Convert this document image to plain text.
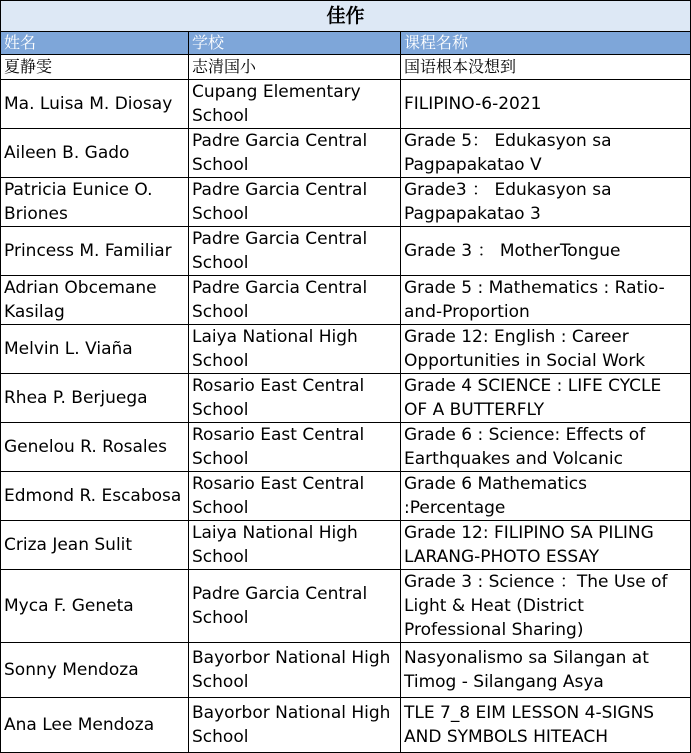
佳作		
姓名	学校	课程名称
夏静雯	志清国小	国语根本没想到
Ma. Luisa M. Diosay	Cupang Elementary School	FILIPINO-6-2021
Aileen B. Gado	Padre Garcia Central School	Grade 5： Edukasyon sa Pagpapakatao V
Patricia Eunice O. Briones	Padre Garcia Central School	Grade3 ： Edukasyon sa Pagpapakatao 3
Princess M. Familiar	Padre Garcia Central School	Grade 3 ： MotherTongue
Adrian Obcemane Kasilag	Padre Garcia Central School	Grade 5 : Mathematics : Ratio-and-Proportion
Melvin L. Viaña	Laiya National High School	Grade 12: English : Career Opportunities in Social Work
Rhea P. Berjuega	Rosario East Central School	Grade 4 SCIENCE : LIFE CYCLE OF A BUTTERFLY
Genelou R. Rosales	Rosario East Central School	Grade 6 : Science: Effects of Earthquakes and Volcanic
Edmond R. Escabosa	Rosario East Central School	Grade 6 Mathematics :Percentage
Criza Jean Sulit	Laiya National High School	Grade 12: FILIPINO SA PILING LARANG-PHOTO ESSAY
Myca F. Geneta	Padre Garcia Central School	Grade 3 : Science ：The Use of Light & Heat (District Professional Sharing)
Sonny Mendoza	Bayorbor National High School	Nasyonalismo sa Silangan at Timog - Silangang Asya
Ana Lee Mendoza	Bayorbor National High School	TLE 7_8 EIM LESSON 4-SIGNS AND SYMBOLS HITEACH
